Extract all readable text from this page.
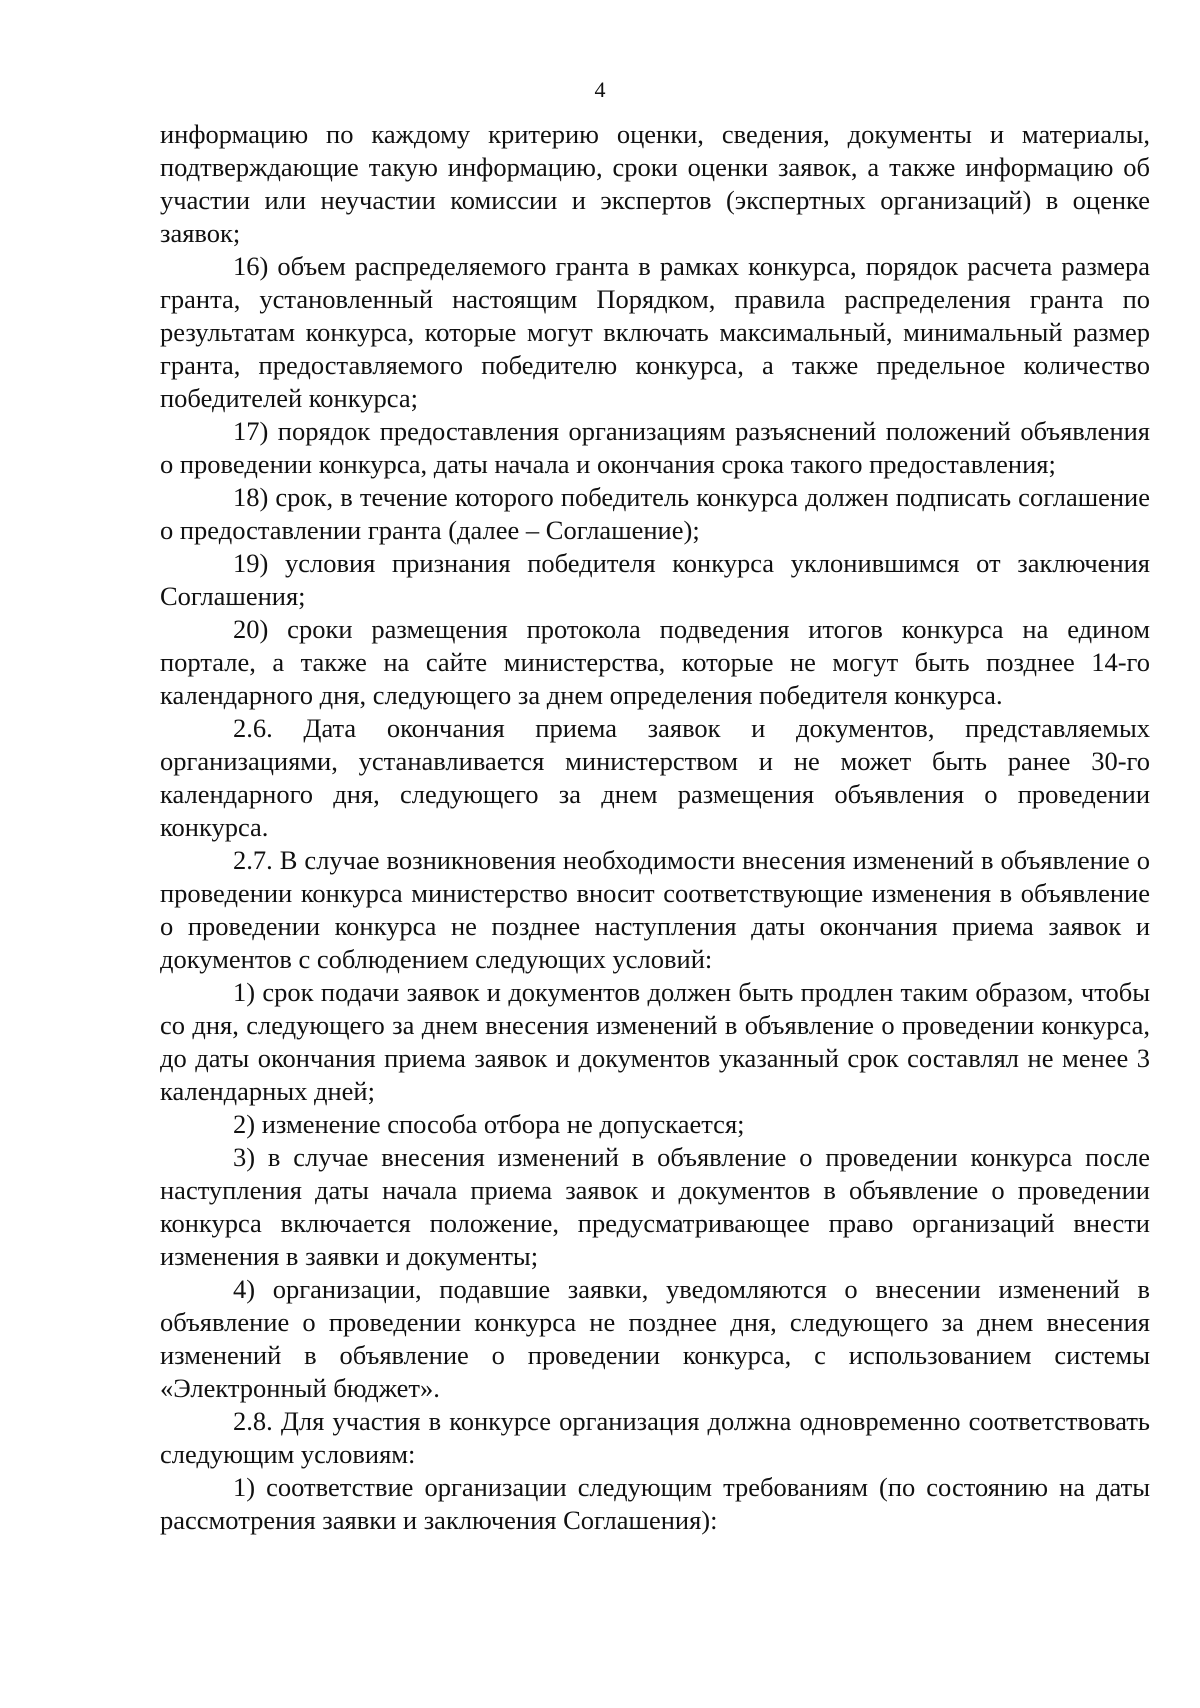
4

информацию по каждому критерию оценки, сведения, документы и материалы, подтверждающие такую информацию, сроки оценки заявок, а также информацию об участии или неучастии комиссии и экспертов (экспертных организаций) в оценке заявок;

16) объем распределяемого гранта в рамках конкурса, порядок расчета размера гранта, установленный настоящим Порядком, правила распределения гранта по результатам конкурса, которые могут включать максимальный, минимальный размер гранта, предоставляемого победителю конкурса, а также предельное количество победителей конкурса;

17) порядок предоставления организациям разъяснений положений объявления о проведении конкурса, даты начала и окончания срока такого предоставления;

18) срок, в течение которого победитель конкурса должен подписать соглашение о предоставлении гранта (далее – Соглашение);

19) условия признания победителя конкурса уклонившимся от заключения Соглашения;

20) сроки размещения протокола подведения итогов конкурса на едином портале, а также на сайте министерства, которые не могут быть позднее 14-го календарного дня, следующего за днем определения победителя конкурса.

2.6. Дата окончания приема заявок и документов, представляемых организациями, устанавливается министерством и не может быть ранее 30-го календарного дня, следующего за днем размещения объявления о проведении конкурса.

2.7. В случае возникновения необходимости внесения изменений в объявление о проведении конкурса министерство вносит соответствующие изменения в объявление о проведении конкурса не позднее наступления даты окончания приема заявок и документов с соблюдением следующих условий:

1) срок подачи заявок и документов должен быть продлен таким образом, чтобы со дня, следующего за днем внесения изменений в объявление о проведении конкурса, до даты окончания приема заявок и документов указанный срок составлял не менее 3 календарных дней;

2) изменение способа отбора не допускается;

3) в случае внесения изменений в объявление о проведении конкурса после наступления даты начала приема заявок и документов в объявление о проведении конкурса включается положение, предусматривающее право организаций внести изменения в заявки и документы;

4) организации, подавшие заявки, уведомляются о внесении изменений в объявление о проведении конкурса не позднее дня, следующего за днем внесения изменений в объявление о проведении конкурса, с использованием системы «Электронный бюджет».

2.8. Для участия в конкурсе организация должна одновременно соответствовать следующим условиям:

1) соответствие организации следующим требованиям (по состоянию на даты рассмотрения заявки и заключения Соглашения):
